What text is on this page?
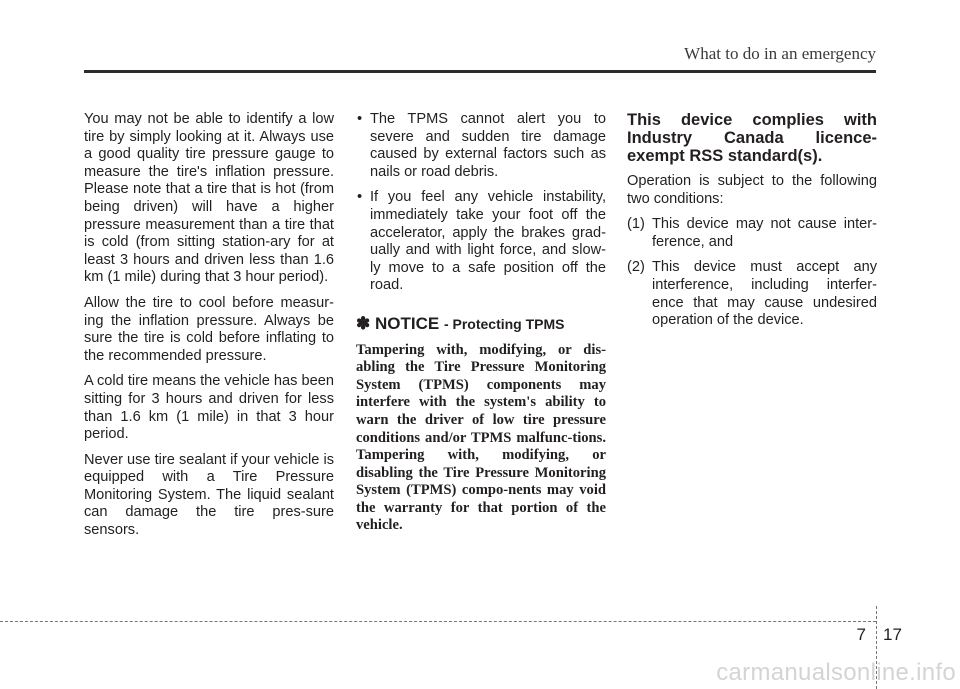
What to do in an emergency

You may not be able to identify a low tire by simply looking at it. Always use a good quality tire pressure gauge to measure the tire's inflation pressure. Please note that a tire that is hot (from being driven) will have a higher pressure measurement than a tire that is cold (from sitting station-ary for at least 3 hours and driven less than 1.6 km (1 mile) during that 3 hour period).

Allow the tire to cool before measur-ing the inflation pressure. Always be sure the tire is cold before inflating to the recommended pressure.

A cold tire means the vehicle has been sitting for 3 hours and driven for less than 1.6 km (1 mile) in that 3 hour period.

Never use tire sealant if your vehicle is equipped with a Tire Pressure Monitoring System. The liquid sealant can damage the tire pres-sure sensors.

• The TPMS cannot alert you to severe and sudden tire damage caused by external factors such as nails or road debris.
• If you feel any vehicle instability, immediately take your foot off the accelerator, apply the brakes grad-ually and with light force, and slow-ly move to a safe position off the road.
✽ NOTICE - Protecting TPMS

Tampering with, modifying, or dis-abling the Tire Pressure Monitoring System (TPMS) components may interfere with the system's ability to warn the driver of low tire pressure conditions and/or TPMS malfunc-tions. Tampering with, modifying, or disabling the Tire Pressure Monitoring System (TPMS) compo-nents may void the warranty for that portion of the vehicle.

This device complies with Industry Canada licence-exempt RSS standard(s).

Operation is subject to the following two conditions:

(1) This device may not cause inter-ference, and
(2) This device must accept any interference, including interfer-ence that may cause undesired operation of the device.
7 17
carmanualsonline.info
